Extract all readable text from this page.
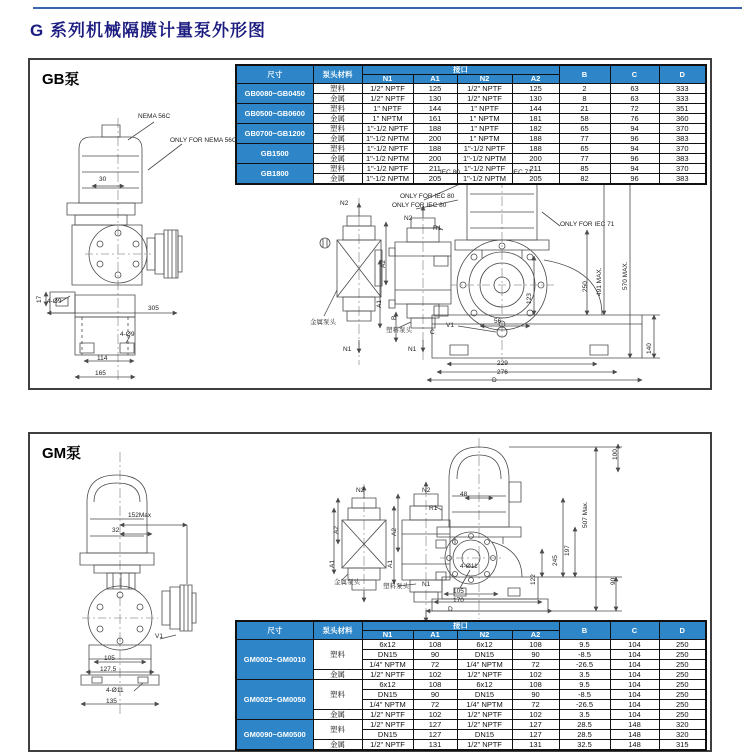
G 系列机械隔膜计量泵外形图
GB泵	尺寸	泵头材料	接口				B	C	D
		N1	A1	N2	A2			
GB0080~GB0450	塑料	1/2" NPTF	125	1/2" NPTF	125	2	63	333
	金属	1/2" NPTF	130	1/2" NPTF	130	8	63	333
GB0500~GB0600	塑料	1" NPTF	144	1" NPTF	144	21	72	351
	金属	1" NPTM	161	1" NPTM	181	58	76	360
GB0700~GB1200	塑料	1"-1/2 NPTF	188	1" NPTF	182	65	94	370
	金属	1"-1/2 NPTM	200	1" NPTM	188	77	96	383
GB1500	塑料	1"-1/2 NPTF	188	1"-1/2 NPTF	188	65	94	370
	金属	1"-1/2 NPTM	200	1"-1/2 NPTM	200	77	96	383
GB1800	塑料	1"-1/2 NPTF	211	1"-1/2 NPTF	211	85	94	370
	金属	1"-1/2 NPTM	205	1"-1/2 NPTM	205	82	96	383
NEMA 56C
ONLY FOR NEMA 56C
30
17 4-Ø9
305
4-Ø9
114
165
N2
金属泵头
N1
IEC 80	IEC 71
ONLY FOR IEC 80
ONLY FOR IEC 80
ONLY FOR IEC 71
N2
R1
A2
A1
B
塑料泵头
N1
V1
C
56
123
140
229
276
D
491 MAX.	570 MAX.
250
GM泵
尺寸	泵头材料	接口				B	C	D
		N1	A1	N2	A2			
GM0002~GM0010	塑料	6x12	108	6x12	108	9.5	104	250
		DN15	90	DN15	90	-8.5	104	250
		1/4" NPTM	72	1/4" NPTM	72	-26.5	104	250
	金属	1/2" NPTF	102	1/2" NPTF	102	3.5	104	250
GM0025~GM0050	塑料	6x12	108	6x12	108	9.5	104	250
		DN15	90	DN15	90	-8.5	104	250
		1/4" NPTM	72	1/4" NPTM	72	-26.5	104	250
	金属	1/2" NPTF	102	1/2" NPTF	102	3.5	104	250
GM0090~GM0500	塑料	1/2" NPTF	127	1/2" NPTF	127	28.5	148	320
		DN15	127	DN15	127	28.5	148	320
	金属	1/2" NPTF	131	1/2" NPTF	131	32.5	148	315
152Max
32
V1
105
127.5
4-Ø11
135
N2
A2
A1
金属泵头
N2
R1
A2
A1
塑料泵头 N1
48
100
507 Max.
197
245
122	90
4-Ø11
105
170
D
